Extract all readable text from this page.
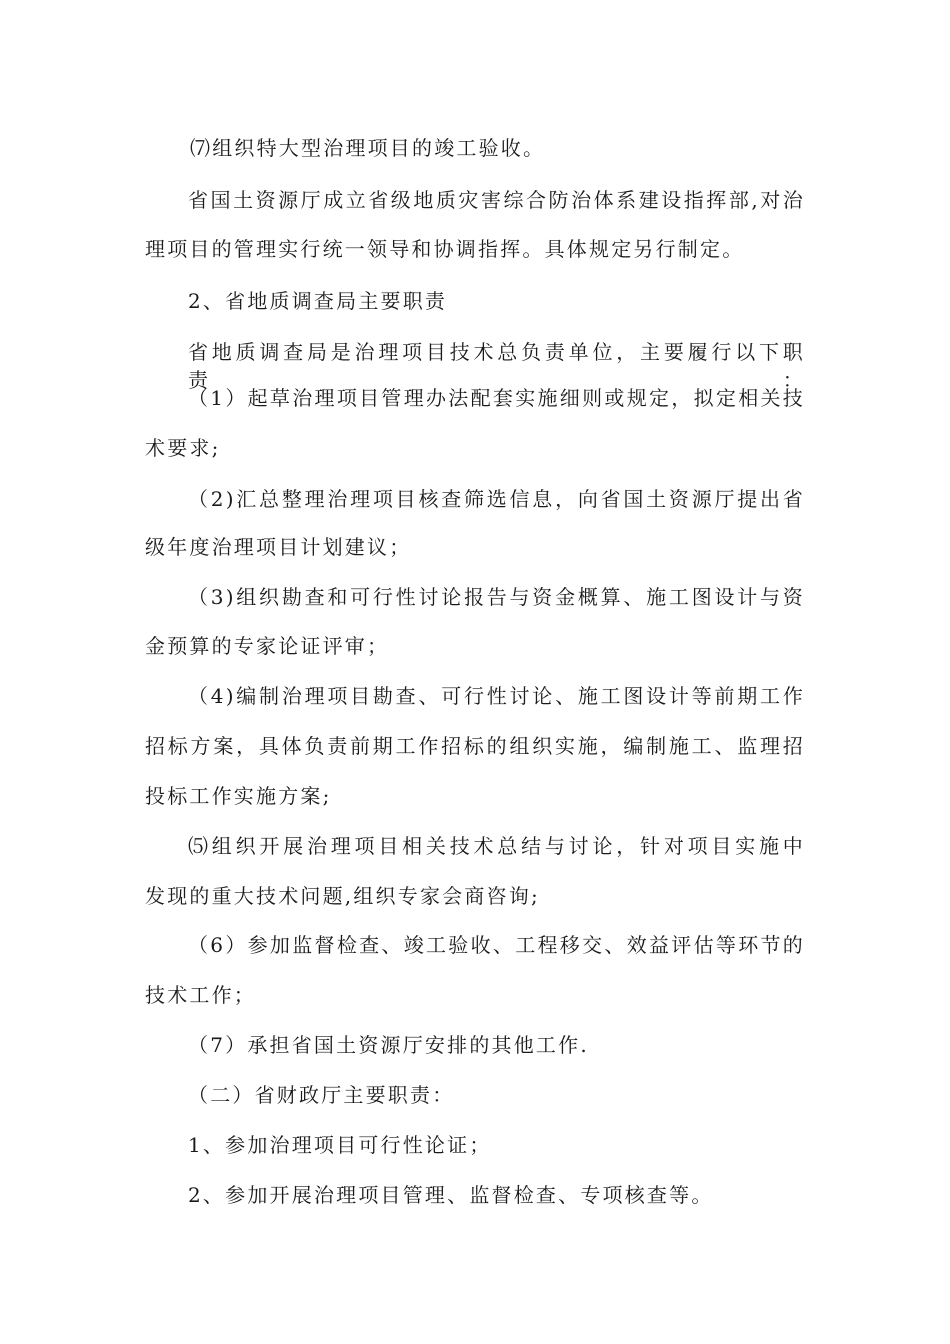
⑺组织特大型治理项目的竣工验收。
省国土资源厅成立省级地质灾害综合防治体系建设指挥部,对治
理项目的管理实行统一领导和协调指挥。具体规定另行制定。
2、省地质调查局主要职责
省地质调查局是治理项目技术总负责单位，主要履行以下职责：
（1）起草治理项目管理办法配套实施细则或规定，拟定相关技
术要求;
（2)汇总整理治理项目核查筛选信息，向省国土资源厅提出省
级年度治理项目计划建议；
（3)组织勘查和可行性讨论报告与资金概算、施工图设计与资
金预算的专家论证评审；
（4)编制治理项目勘查、可行性讨论、施工图设计等前期工作
招标方案，具体负责前期工作招标的组织实施，编制施工、监理招
投标工作实施方案;
⑸组织开展治理项目相关技术总结与讨论，针对项目实施中
发现的重大技术问题,组织专家会商咨询;
（6）参加监督检查、竣工验收、工程移交、效益评估等环节的
技术工作；
（7）承担省国土资源厅安排的其他工作.
（二）省财政厅主要职责：
1、参加治理项目可行性论证；
2、参加开展治理项目管理、监督检查、专项核查等。
